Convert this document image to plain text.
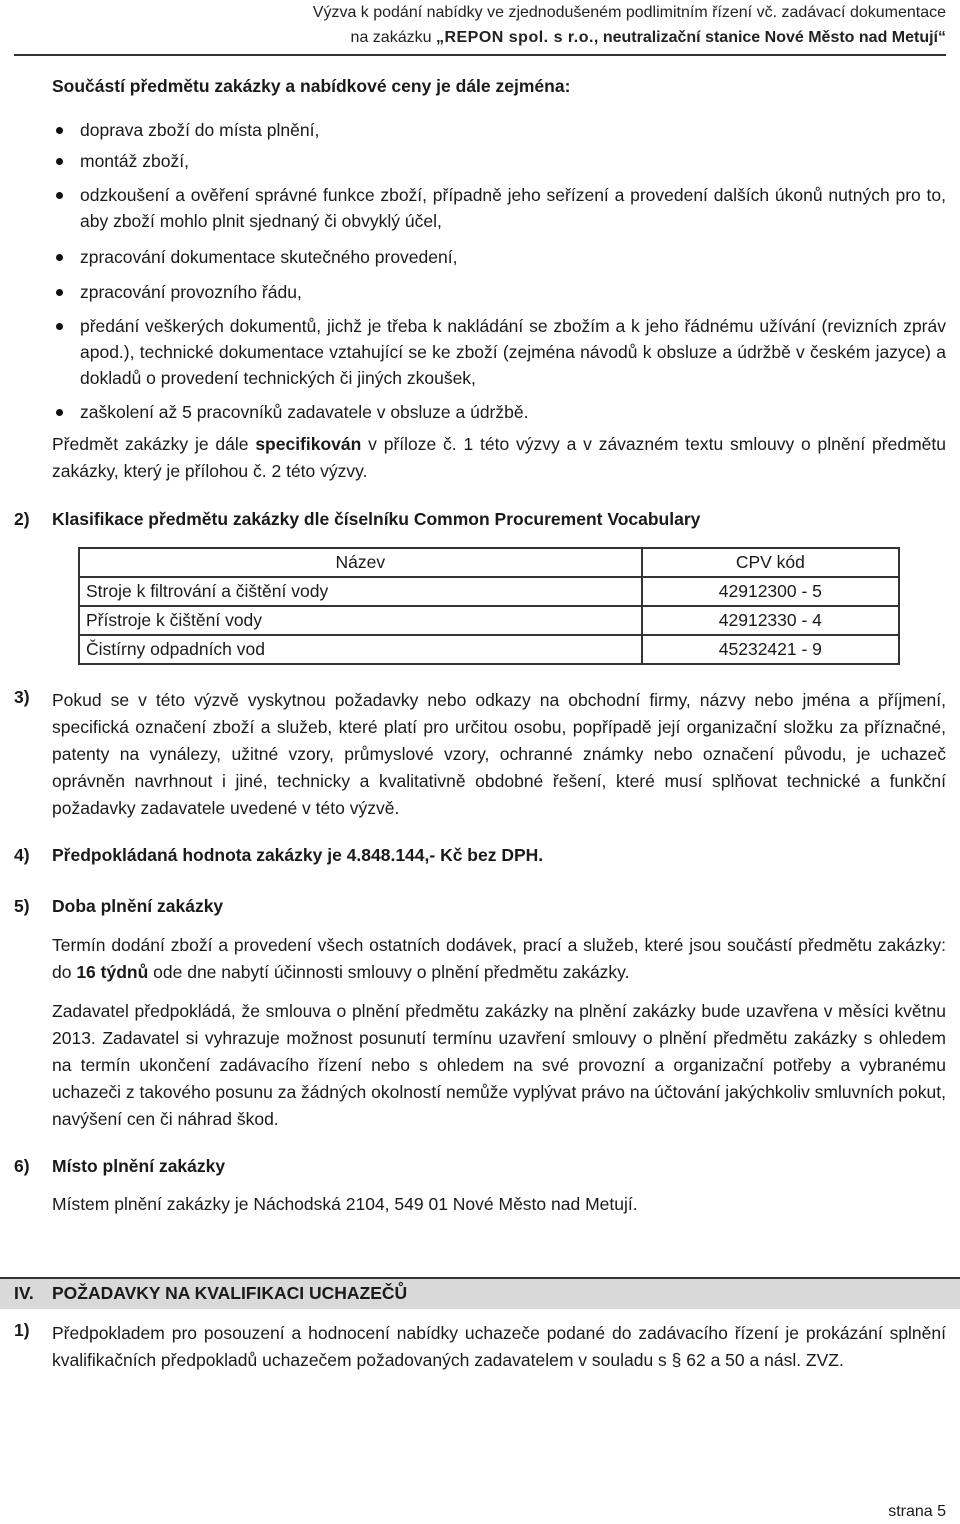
Výzva k podání nabídky ve zjednodušeném podlimitním řízení vč. zadávací dokumentace
na zakázku „REPON spol. s r.o., neutralizační stanice Nové Město nad Metují“

Součástí předmětu zakázky a nabídkové ceny je dále zejména:

doprava zboží do místa plnění,
montáž zboží,
odzkoušení a ověření správné funkce zboží, případně jeho seřízení a provedení dalších úkonů nutných pro to, aby zboží mohlo plnit sjednaný či obvyklý účel,
zpracování dokumentace skutečného provedení,
zpracování provozního řádu,
předání veškerých dokumentů, jichž je třeba k nakládání se zbožím a k jeho řádnému užívání (revizních zpráv apod.), technické dokumentace vztahující se ke zboží (zejména návodů k obsluze a údržbě v českém jazyce) a dokladů o provedení technických či jiných zkoušek,
zaškolení až 5 pracovníků zadavatele v obsluze a údržbě.

Předmět zakázky je dále specifikován v příloze č. 1 této výzvy a v závazném textu smlouvy o plnění předmětu zakázky, který je přílohou č. 2 této výzvy.

2) Klasifikace předmětu zakázky dle číselníku Common Procurement Vocabulary

Název	CPV kód
Stroje k filtrování a čištění vody	42912300 - 5
Přístroje k čištění vody	42912330 - 4
Čistírny odpadních vod	45232421 - 9
3) Pokud se v této výzvě vyskytnou požadavky nebo odkazy na obchodní firmy, názvy nebo jména a příjmení, specifická označení zboží a služeb, které platí pro určitou osobu, popřípadě její organizační složku za příznačné, patenty na vynálezy, užitné vzory, průmyslové vzory, ochranné známky nebo označení původu, je uchazeč oprávněn navrhnout i jiné, technicky a kvalitativně obdobné řešení, které musí splňovat technické a funkční požadavky zadavatele uvedené v této výzvě.

4) Předpokládaná hodnota zakázky je 4.848.144,- Kč bez DPH.

5) Doba plnění zakázky

Termín dodání zboží a provedení všech ostatních dodávek, prací a služeb, které jsou součástí předmětu zakázky: do 16 týdnů ode dne nabytí účinnosti smlouvy o plnění předmětu zakázky.

Zadavatel předpokládá, že smlouva o plnění předmětu zakázky na plnění zakázky bude uzavřena v měsíci květnu 2013. Zadavatel si vyhrazuje možnost posunutí termínu uzavření smlouvy o plnění předmětu zakázky s ohledem na termín ukončení zadávacího řízení nebo s ohledem na své provozní a organizační potřeby a vybranému uchazeči z takového posunu za žádných okolností nemůže vyplývat právo na účtování jakýchkoliv smluvních pokut, navýšení cen či náhrad škod.

6) Místo plnění zakázky

Místem plnění zakázky je Náchodská 2104, 549 01 Nové Město nad Metují.

IV. POŽADAVKY NA KVALIFIKACI UCHAZEČŮ
1) Předpokladem pro posouzení a hodnocení nabídky uchazeče podané do zadávacího řízení je prokázání splnění kvalifikačních předpokladů uchazečem požadovaných zadavatelem v souladu s § 62 a 50 a násl. ZVZ.

strana 5
